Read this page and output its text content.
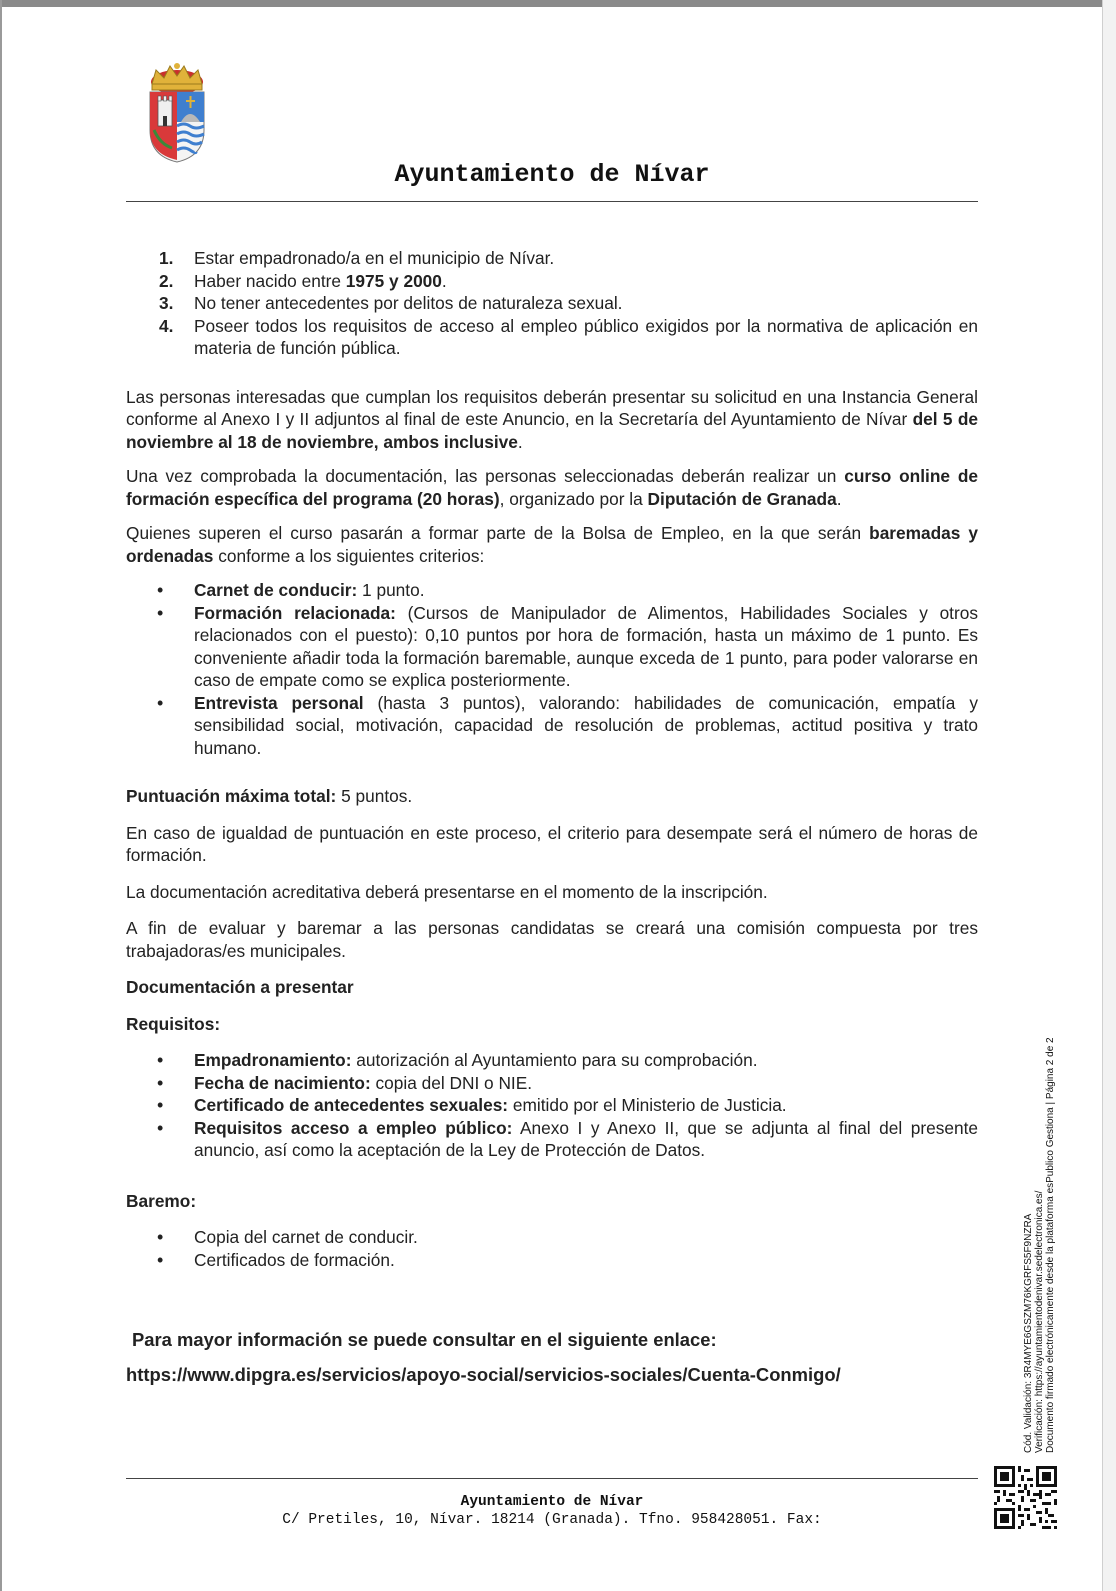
Ayuntamiento de Nívar
1. Estar empadronado/a en el municipio de Nívar.
2. Haber nacido entre 1975 y 2000.
3. No tener antecedentes por delitos de naturaleza sexual.
4. Poseer todos los requisitos de acceso al empleo público exigidos por la normativa de aplicación en materia de función pública.

Las personas interesadas que cumplan los requisitos deberán presentar su solicitud en una Instancia General conforme al Anexo I y II adjuntos al final de este Anuncio, en la Secretaría del Ayuntamiento de Nívar del 5 de noviembre al 18 de noviembre, ambos inclusive.

Una vez comprobada la documentación, las personas seleccionadas deberán realizar un curso online de formación específica del programa (20 horas), organizado por la Diputación de Granada.

Quienes superen el curso pasarán a formar parte de la Bolsa de Empleo, en la que serán baremadas y ordenadas conforme a los siguientes criterios:

• Carnet de conducir: 1 punto.
• Formación relacionada: (Cursos de Manipulador de Alimentos, Habilidades Sociales y otros relacionados con el puesto): 0,10 puntos por hora de formación, hasta un máximo de 1 punto. Es conveniente añadir toda la formación baremable, aunque exceda de 1 punto, para poder valorarse en caso de empate como se explica posteriormente.
• Entrevista personal (hasta 3 puntos), valorando: habilidades de comunicación, empatía y sensibilidad social, motivación, capacidad de resolución de problemas, actitud positiva y trato humano.

Puntuación máxima total: 5 puntos.

En caso de igualdad de puntuación en este proceso, el criterio para desempate será el número de horas de formación.

La documentación acreditativa deberá presentarse en el momento de la inscripción.

A fin de evaluar y baremar a las personas candidatas se creará una comisión compuesta por tres trabajadoras/es municipales.

Documentación a presentar

Requisitos:

• Empadronamiento: autorización al Ayuntamiento para su comprobación.
• Fecha de nacimiento: copia del DNI o NIE.
• Certificado de antecedentes sexuales: emitido por el Ministerio de Justicia.
• Requisitos acceso a empleo público: Anexo I y Anexo II, que se adjunta al final del presente anuncio, así como la aceptación de la Ley de Protección de Datos.

Baremo:

• Copia del carnet de conducir.
• Certificados de formación.

Para mayor información se puede consultar en el siguiente enlace:

https://www.dipgra.es/servicios/apoyo-social/servicios-sociales/Cuenta-Conmigo/

Ayuntamiento de Nívar
C/ Pretiles, 10, Nívar. 18214 (Granada). Tfno. 958428051. Fax:
Cód. Validación: 3R4MYE6GSZM76KGRFS5F9NZRA Verificación: https://ayuntamientodenivar.sedelectronica.es/ Documento firmado electrónicamente desde la plataforma esPublico Gestiona | Página 2 de 2
